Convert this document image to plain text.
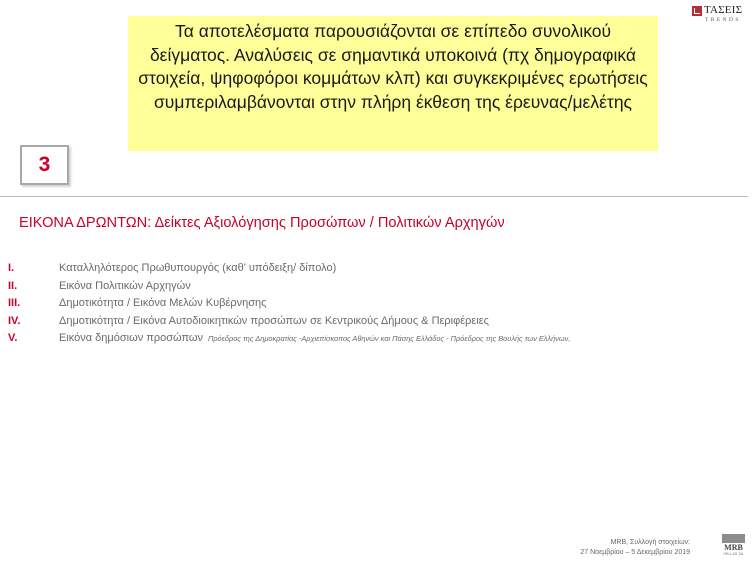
Τα αποτελέσματα παρουσιάζονται σε επίπεδο συνολικού δείγματος. Αναλύσεις σε σημαντικά υποκοινά (πχ δημογραφικά στοιχεία, ψηφοφόροι κομμάτων κλπ) και συγκεκριμένες ερωτήσεις συμπεριλαμβάνονται στην πλήρη έκθεση της έρευνας/μελέτης
ΤΑΣΕΙΣ
TRENDS
3
ΕΙΚΟΝΑ ΔΡΩΝΤΩΝ: Δείκτες Αξιολόγησης Προσώπων / Πολιτικών Αρχηγών
I.	Καταλληλότερος Πρωθυπουργός (καθ' υπόδειξη/ δίπολο)
II.	Εικόνα Πολιτικών Αρχηγών
III.	Δημοτικότητα / Εικόνα Μελών Κυβέρνησης
IV.	Δημοτικότητα / Εικόνα Αυτοδιοικητικών προσώπων σε Κεντρικούς Δήμους & Περιφέρειες
V.	Εικόνα δημόσιων προσώπων Πρόεδρος της Δημοκρατίας -Αρχιεπίσκοπος Αθηνών και Πάσης Ελλάδος - Πρόεδρος της Βουλής των Ελλήνων,
MRB, Συλλογή στοιχείων:
27 Νοεμβρίου – 5 Δεκεμβρίου 2019
MRB
HELLAS SA
